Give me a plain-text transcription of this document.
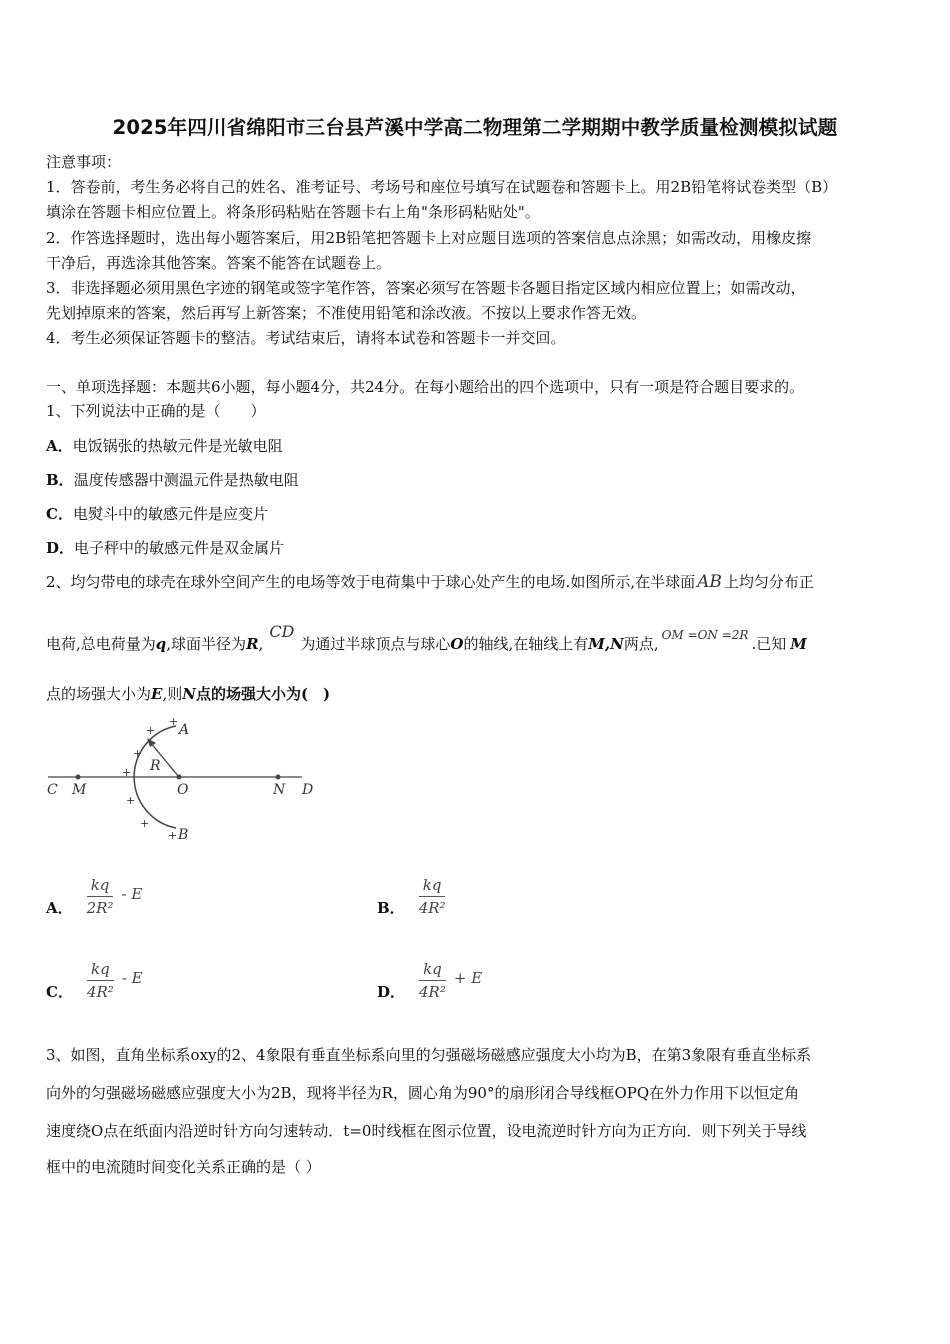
2025年四川省绵阳市三台县芦溪中学高二物理第二学期期中教学质量检测模拟试题
注意事项：
1．答卷前，考生务必将自己的姓名、准考证号、考场号和座位号填写在试题卷和答题卡上。用2B铅笔将试卷类型（B）
填涂在答题卡相应位置上。将条形码粘贴在答题卡右上角"条形码粘贴处"。
2．作答选择题时，选出每小题答案后，用2B铅笔把答题卡上对应题目选项的答案信息点涂黑；如需改动，用橡皮擦
干净后，再选涂其他答案。答案不能答在试题卷上。
3．非选择题必须用黑色字迹的钢笔或签字笔作答，答案必须写在答题卡各题目指定区域内相应位置上；如需改动，
先划掉原来的答案，然后再写上新答案；不准使用铅笔和涂改液。不按以上要求作答无效。
4．考生必须保证答题卡的整洁。考试结束后，请将本试卷和答题卡一并交回。
一、单项选择题：本题共6小题，每小题4分，共24分。在每小题给出的四个选项中，只有一项是符合题目要求的。
1、下列说法中正确的是（　　）
A．电饭锅张的热敏元件是光敏电阻
B．温度传感器中测温元件是热敏电阻
C．电熨斗中的敏感元件是应变片
D．电子秤中的敏感元件是双金属片
2、均匀带电的球壳在球外空间产生的电场等效于电荷集中于球心处产生的电场.如图所示,在半球面 AB 上均匀分布正
电荷,总电荷量为q,球面半径为R,CD为通过半球顶点与球心O的轴线,在轴线上有M,N两点, $^{OM =ON =2R}$ .已知 M
点的场强大小为E,则N点的场强大小为(　)
+
+
+
+
+
+
+
A
B
R
C M	O	N D
A． $\frac{kq}{\text{2R²}}$ - E
B． $\frac{kq}{\text{4R²}}$
C． $\frac{kq}{\text{4R²}}$ - E
D． $\frac{kq}{\text{4R²}} + E$
3、如图，直角坐标系oxy的2、4象限有垂直坐标系向里的匀强磁场磁感应强度大小均为B，在第3象限有垂直坐标系
向外的匀强磁场磁感应强度大小为2B，现将半径为R，圆心角为90°的扇形闭合导线框OPQ在外力作用下以恒定角
速度绕O点在纸面内沿逆时针方向匀速转动．t=0时线框在图示位置，设电流逆时针方向为正方向．则下列关于导线
框中的电流随时间变化关系正确的是（ ）
